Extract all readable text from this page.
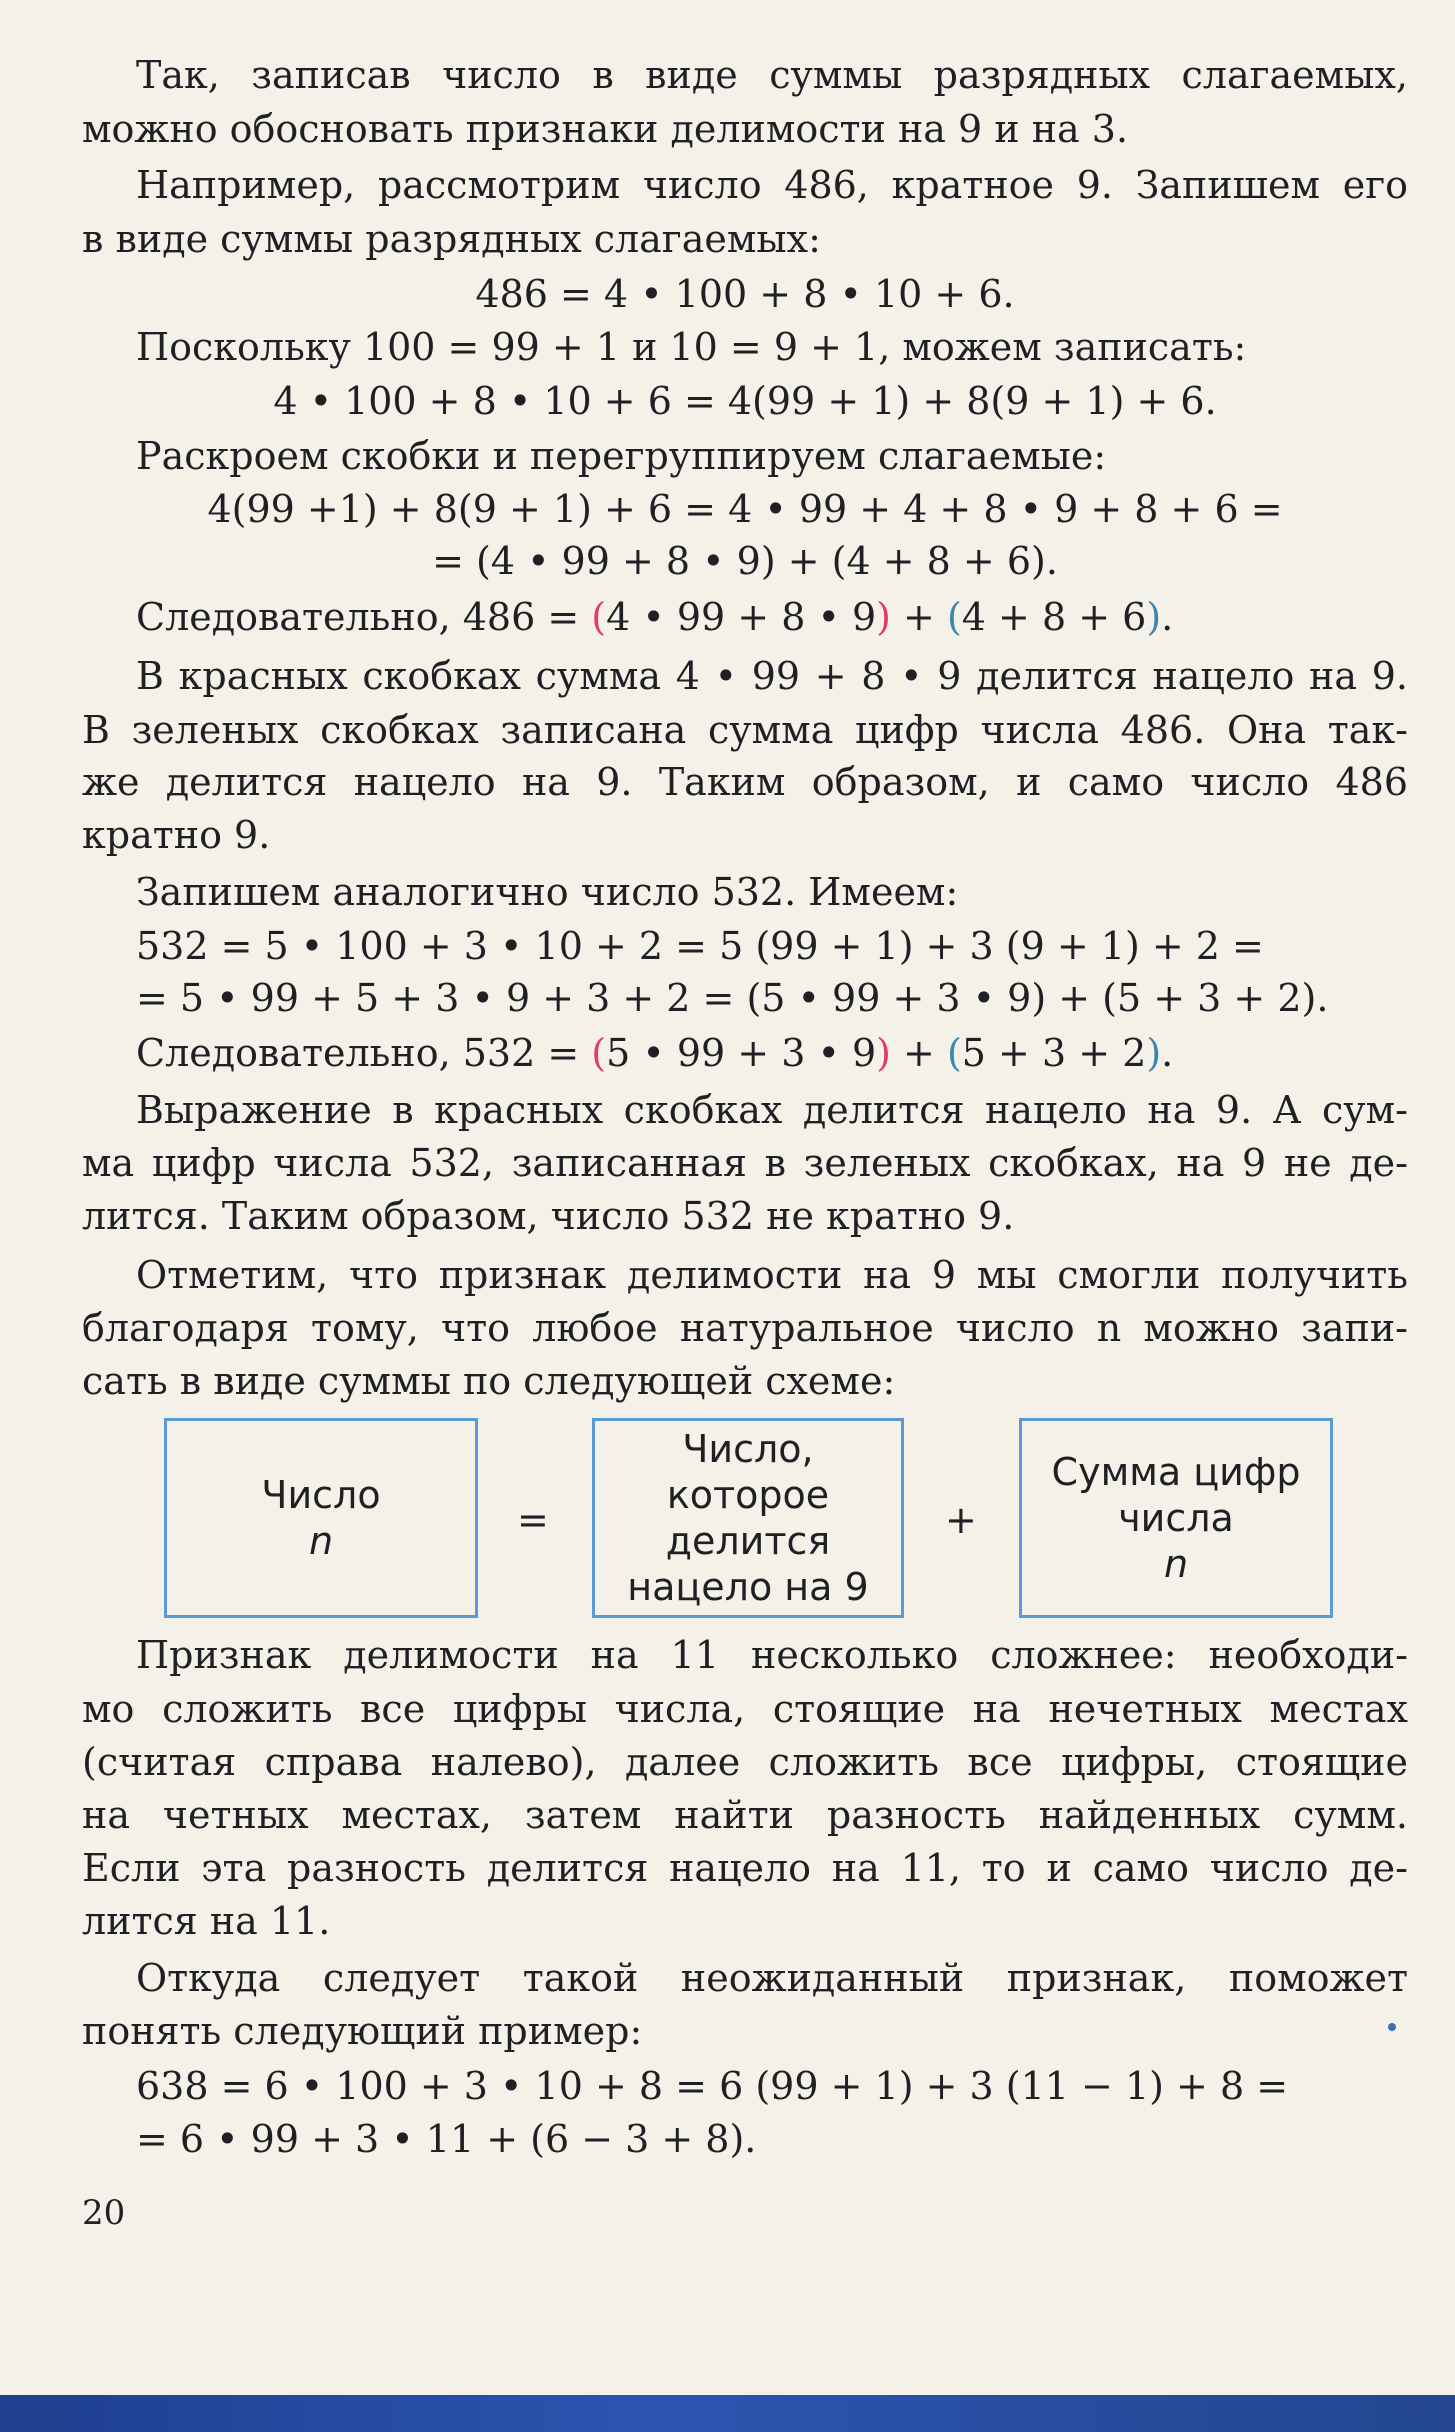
Так, записав число в виде суммы разрядных слагаемых,
можно обосновать признаки делимости на 9 и на 3.
Например, рассмотрим число 486, кратное 9. Запишем его
в виде суммы разрядных слагаемых:
486 = 4 • 100 + 8 • 10 + 6.
Поскольку 100 = 99 + 1 и 10 = 9 + 1, можем записать:
4 • 100 + 8 • 10 + 6 = 4(99 + 1) + 8(9 + 1) + 6.
Раскроем скобки и перегруппируем слагаемые:
4(99 +1) + 8(9 + 1) + 6 = 4 • 99 + 4 + 8 • 9 + 8 + 6 =
= (4 • 99 + 8 • 9) + (4 + 8 + 6).
Следовательно, 486 = (4 • 99 + 8 • 9) + (4 + 8 + 6).
В красных скобках сумма 4 • 99 + 8 • 9 делится нацело на 9.
В зеленых скобках записана сумма цифр числа 486. Она так-
же делится нацело на 9. Таким образом, и само число 486
кратно 9.
Запишем аналогично число 532. Имеем:
532 = 5 • 100 + 3 • 10 + 2 = 5 (99 + 1) + 3 (9 + 1) + 2 =
= 5 • 99 + 5 + 3 • 9 + 3 + 2 = (5 • 99 + 3 • 9) + (5 + 3 + 2).
Следовательно, 532 = (5 • 99 + 3 • 9) + (5 + 3 + 2).
Выражение в красных скобках делится нацело на 9. А сум-
ма цифр числа 532, записанная в зеленых скобках, на 9 не де-
лится. Таким образом, число 532 не кратно 9.
Отметим, что признак делимости на 9 мы смогли получить
благодаря тому, что любое натуральное число n можно запи-
сать в виде суммы по следующей схеме:
Число
n	=
Число,
которое
делится
нацело на 9
+
Сумма цифр
числа
n
Признак делимости на 11 несколько сложнее: необходи-
мо сложить все цифры числа, стоящие на нечетных местах
(считая справа налево), далее сложить все цифры, стоящие
на четных местах, затем найти разность найденных сумм.
Если эта разность делится нацело на 11, то и само число де-
лится на 11.
Откуда следует такой неожиданный признак, поможет
понять следующий пример:
638 = 6 • 100 + 3 • 10 + 8 = 6 (99 + 1) + 3 (11 − 1) + 8 =
= 6 • 99 + 3 • 11 + (6 − 3 + 8).
20
